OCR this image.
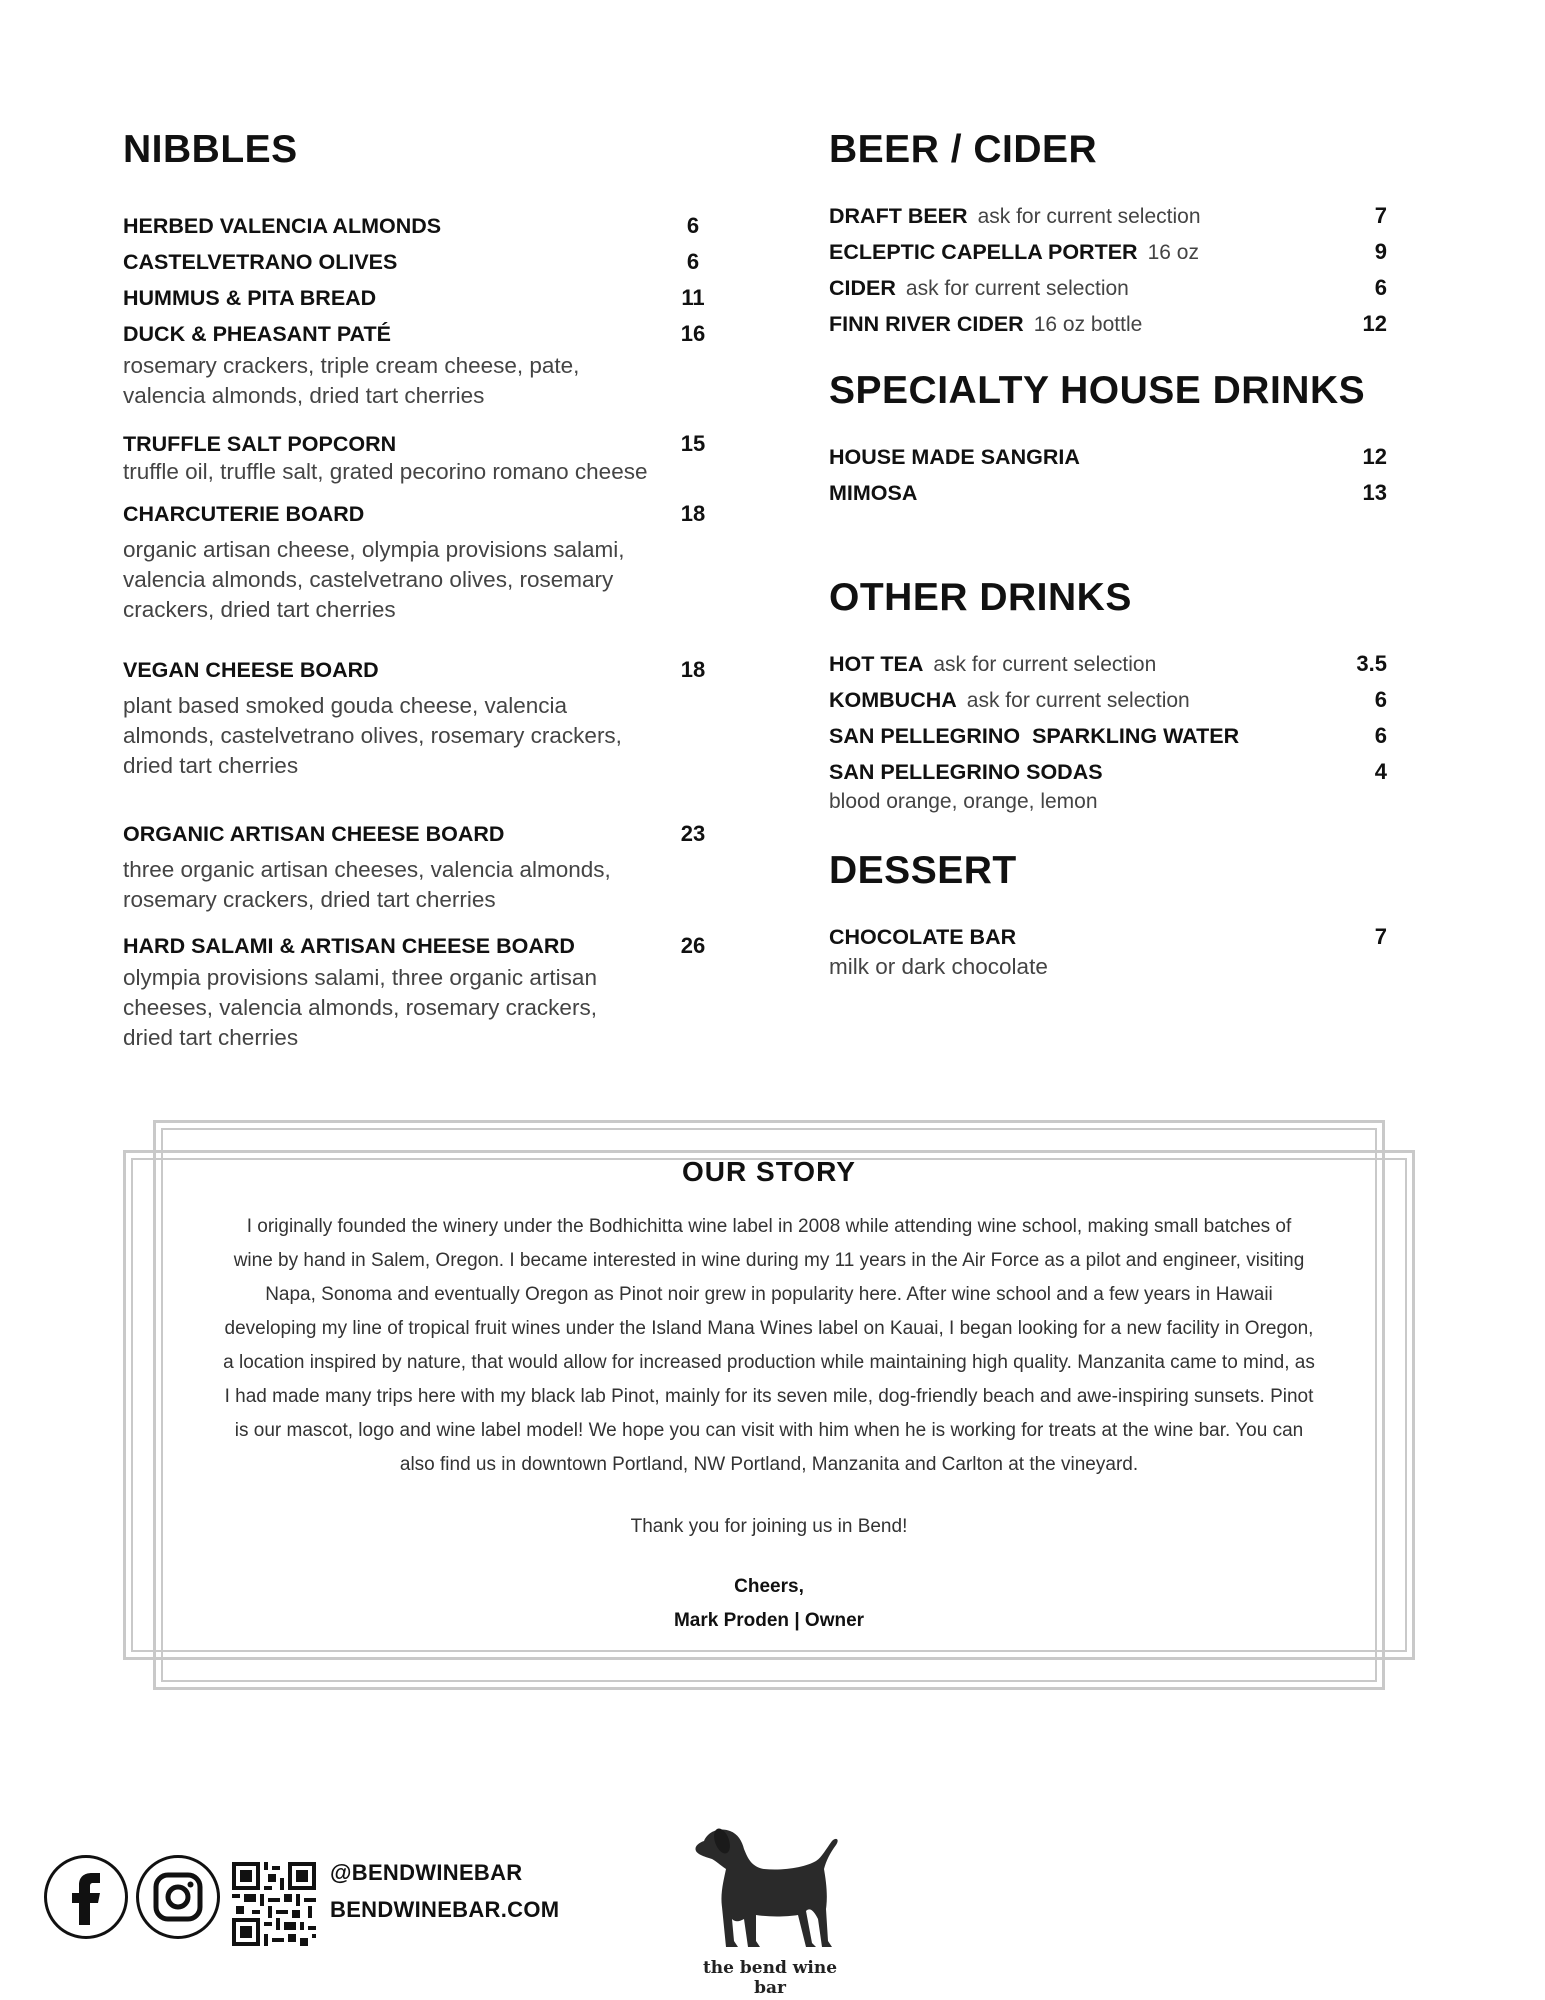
NIBBLES
HERBED VALENCIA ALMONDS	6
CASTELVETRANO OLIVES	6
HUMMUS & PITA BREAD	11
DUCK & PHEASANT PATÉ	16
rosemary crackers, triple cream cheese, pate,
valencia almonds, dried tart cherries
TRUFFLE SALT POPCORN	15
truffle oil, truffle salt, grated pecorino romano cheese
CHARCUTERIE BOARD	18
organic artisan cheese, olympia provisions salami,
valencia almonds, castelvetrano olives, rosemary
crackers, dried tart cherries
VEGAN CHEESE BOARD	18
plant based smoked gouda cheese, valencia
almonds, castelvetrano olives, rosemary crackers,
dried tart cherries
ORGANIC ARTISAN CHEESE BOARD	23
three organic artisan cheeses, valencia almonds,
rosemary crackers, dried tart cherries
HARD SALAMI & ARTISAN CHEESE BOARD	26
olympia provisions salami, three organic artisan
cheeses, valencia almonds, rosemary crackers,
dried tart cherries
BEER / CIDER
DRAFT BEER ask for current selection	7
ECLEPTIC CAPELLA PORTER 16 oz	9
CIDER ask for current selection	6
FINN RIVER CIDER 16 oz bottle	12
SPECIALTY HOUSE DRINKS
HOUSE MADE SANGRIA	12
MIMOSA	13
OTHER DRINKS
HOT TEA ask for current selection	3.5
KOMBUCHA ask for current selection	6
SAN PELLEGRINO  SPARKLING WATER	6
SAN PELLEGRINO SODAS	4
blood orange, orange, lemon
DESSERT
CHOCOLATE BAR	7
milk or dark chocolate
OUR STORY
I originally founded the winery under the Bodhichitta wine label in 2008 while attending wine school, making small batches of
wine by hand in Salem, Oregon. I became interested in wine during my 11 years in the Air Force as a pilot and engineer, visiting
Napa, Sonoma and eventually Oregon as Pinot noir grew in popularity here. After wine school and a few years in Hawaii
developing my line of tropical fruit wines under the Island Mana Wines label on Kauai, I began looking for a new facility in Oregon,
a location inspired by nature, that would allow for increased production while maintaining high quality. Manzanita came to mind, as
I had made many trips here with my black lab Pinot, mainly for its seven mile, dog-friendly beach and awe-inspiring sunsets. Pinot
is our mascot, logo and wine label model! We hope you can visit with him when he is working for treats at the wine bar. You can
also find us in downtown Portland, NW Portland, Manzanita and Carlton at the vineyard.
Thank you for joining us in Bend!
Cheers,
Mark Proden | Owner
@BENDWINEBAR
BENDWINEBAR.COM
the bend wine bar
